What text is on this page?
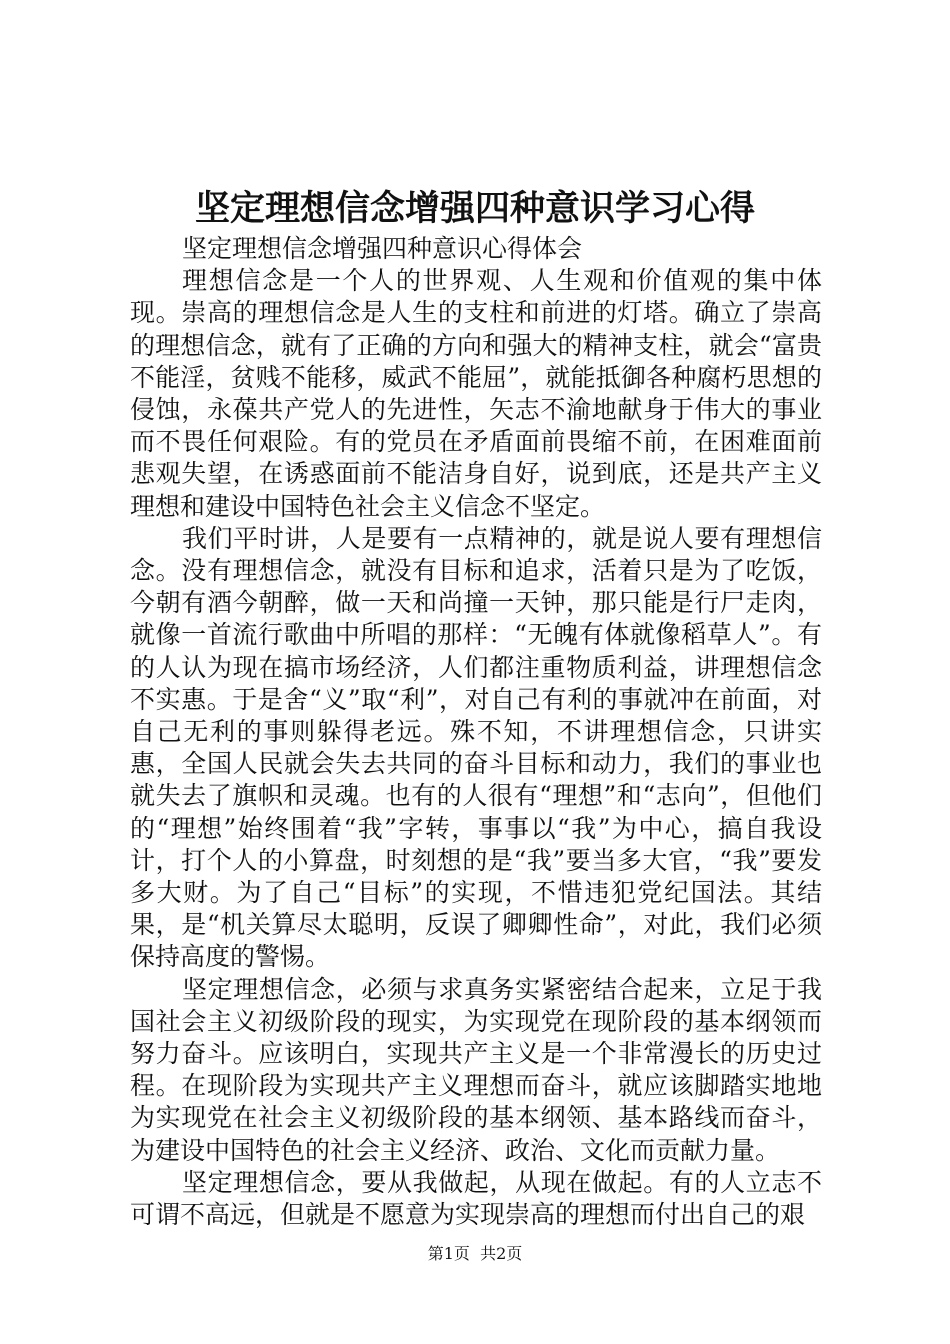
坚定理想信念增强四种意识学习心得

坚定理想信念增强四种意识心得体会

理想信念是一个人的世界观、人生观和价值观的集中体现。崇高的理想信念是人生的支柱和前进的灯塔。确立了崇高的理想信念，就有了正确的方向和强大的精神支柱，就会“富贵不能淫，贫贱不能移，威武不能屈”，就能抵御各种腐朽思想的侵蚀，永葆共产党人的先进性，矢志不渝地献身于伟大的事业而不畏任何艰险。有的党员在矛盾面前畏缩不前，在困难面前悲观失望，在诱惑面前不能洁身自好，说到底，还是共产主义理想和建设中国特色社会主义信念不坚定。

我们平时讲，人是要有一点精神的，就是说人要有理想信念。没有理想信念，就没有目标和追求，活着只是为了吃饭，今朝有酒今朝醉，做一天和尚撞一天钟，那只能是行尸走肉，就像一首流行歌曲中所唱的那样：“无魄有体就像稻草人”。有的人认为现在搞市场经济，人们都注重物质利益，讲理想信念不实惠。于是舍“义”取“利”，对自己有利的事就冲在前面，对自己无利的事则躲得老远。殊不知，不讲理想信念，只讲实惠，全国人民就会失去共同的奋斗目标和动力，我们的事业也就失去了旗帜和灵魂。也有的人很有“理想”和“志向”，但他们的“理想”始终围着“我”字转，事事以“我”为中心，搞自我设计，打个人的小算盘，时刻想的是“我”要当多大官，“我”要发多大财。为了自己“目标”的实现，不惜违犯党纪国法。其结果，是“机关算尽太聪明，反误了卿卿性命”，对此，我们必须保持高度的警惕。

坚定理想信念，必须与求真务实紧密结合起来，立足于我国社会主义初级阶段的现实，为实现党在现阶段的基本纲领而努力奋斗。应该明白，实现共产主义是一个非常漫长的历史过程。在现阶段为实现共产主义理想而奋斗，就应该脚踏实地地为实现党在社会主义初级阶段的基本纲领、基本路线而奋斗，为建设中国特色的社会主义经济、政治、文化而贡献力量。

坚定理想信念，要从我做起，从现在做起。有的人立志不可谓不高远，但就是不愿意为实现崇高的理想而付出自己的艰

第1页  共2页
